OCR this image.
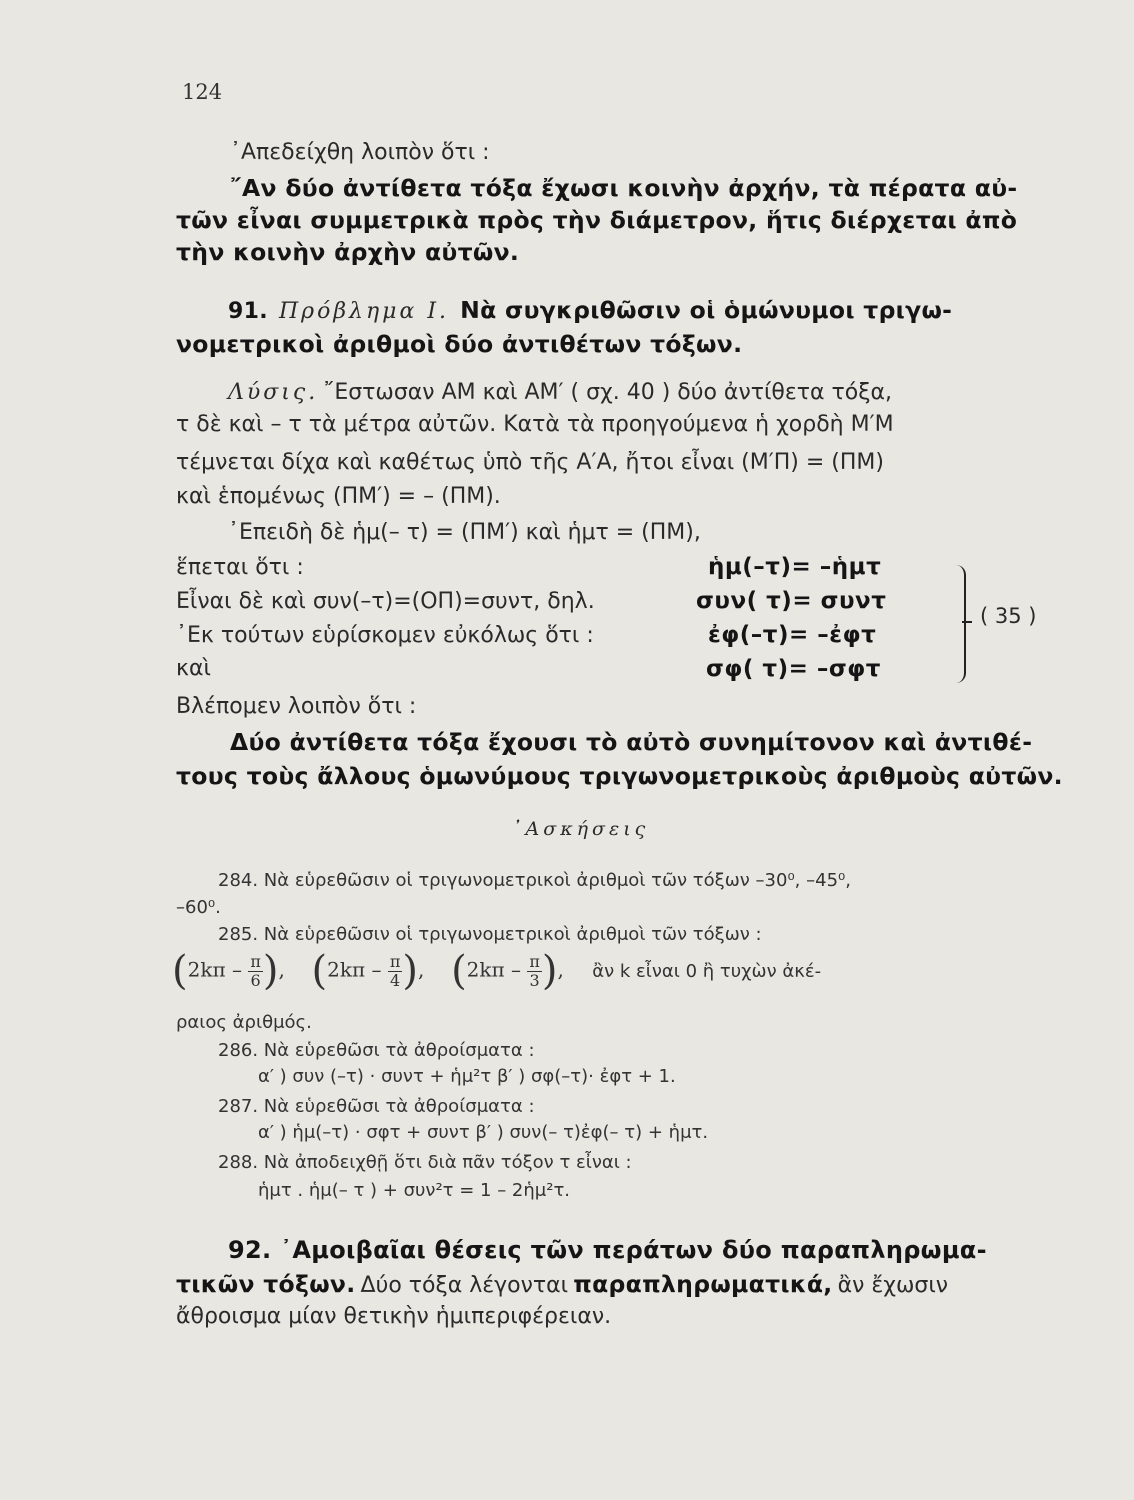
124
᾿Απεδείχθη λοιπὸν ὅτι :
῎Αν δύο ἀντίθετα τόξα ἔχωσι κοινὴν ἀρχήν, τὰ πέρατα αὐ-
τῶν εἶναι συμμετρικὰ πρὸς τὴν διάμετρον, ἥτις διέρχεται ἀπὸ
τὴν κοινὴν ἀρχὴν αὐτῶν.
91. Πρόβλημα I. Νὰ συγκριθῶσιν οἱ ὁμώνυμοι τριγω-
νομετρικοὶ ἀριθμοὶ δύο ἀντιθέτων τόξων.
Λύσις. ῎Εστωσαν ΑΜ καὶ ΑΜ′ ( σχ. 40 ) δύο ἀντίθετα τόξα,
τ δὲ καὶ – τ τὰ μέτρα αὐτῶν. Κατὰ τὰ προηγούμενα ἡ χορδὴ Μ′Μ
τέμνεται δίχα καὶ καθέτως ὑπὸ τῆς Α′Α, ἤτοι εἶναι (Μ′Π) = (ΠΜ)
καὶ ἑπομένως (ΠΜ′) = – (ΠΜ).
᾿Επειδὴ δὲ ἡμ(– τ) = (ΠΜ′) καὶ ἡμτ = (ΠΜ),
ἕπεται ὅτι :
Εἶναι δὲ καὶ συν(–τ)=(ΟΠ)=συντ, δηλ.
᾿Εκ τούτων εὑρίσκομεν εὐκόλως ὅτι :
καὶ
ἡμ(–τ)= –ἡμτ
συν( τ)= συντ
ἐφ(–τ)= –ἐφτ
σφ( τ)= –σφτ
( 35 )
Βλέπομεν λοιπὸν ὅτι :
Δύο ἀντίθετα τόξα ἔχουσι τὸ αὐτὸ συνημίτονον καὶ ἀντιθέ-
τους τοὺς ἄλλους ὁμωνύμους τριγωνομετρικοὺς ἀριθμοὺς αὐτῶν.
᾿Ασκήσεις
284. Νὰ εὑρεθῶσιν οἱ τριγωνομετρικοὶ ἀριθμοὶ τῶν τόξων –30⁰, –45⁰,
–60⁰.
285. Νὰ εὑρεθῶσιν οἱ τριγωνομετρικοὶ ἀριθμοὶ τῶν τόξων :
($2k\pi - \frac{\pi}{6}$ ),  ($2k\pi - \frac{\pi}{4}$ ),  ($2k\pi - \frac{\pi}{3}$ ), ἂν k εἶναι 0 ἢ τυχὼν ἀκέ-
ραιος ἀριθμός.
286. Νὰ εὑρεθῶσι τὰ ἀθροίσματα :
α′ ) συν (–τ) · συντ + ἡμ²τ β′ ) σφ(–τ)· ἐφτ + 1.
287. Νὰ εὑρεθῶσι τὰ ἀθροίσματα :
α′ ) ἡμ(–τ) · σφτ + συντ β′ ) συν(– τ)ἐφ(– τ) + ἡμτ.
288. Νὰ ἀποδειχθῇ ὅτι διὰ πᾶν τόξον τ εἶναι :
ἡμτ . ἡμ(– τ ) + συν²τ = 1 – 2ἡμ²τ.
92. ᾿Αμοιβαῖαι θέσεις τῶν περάτων δύο παραπληρωμα-
τικῶν τόξων. Δύο τόξα λέγονται παραπληρωματικά, ἂν ἔχωσιν
ἄθροισμα μίαν θετικὴν ἡμιπεριφέρειαν.
